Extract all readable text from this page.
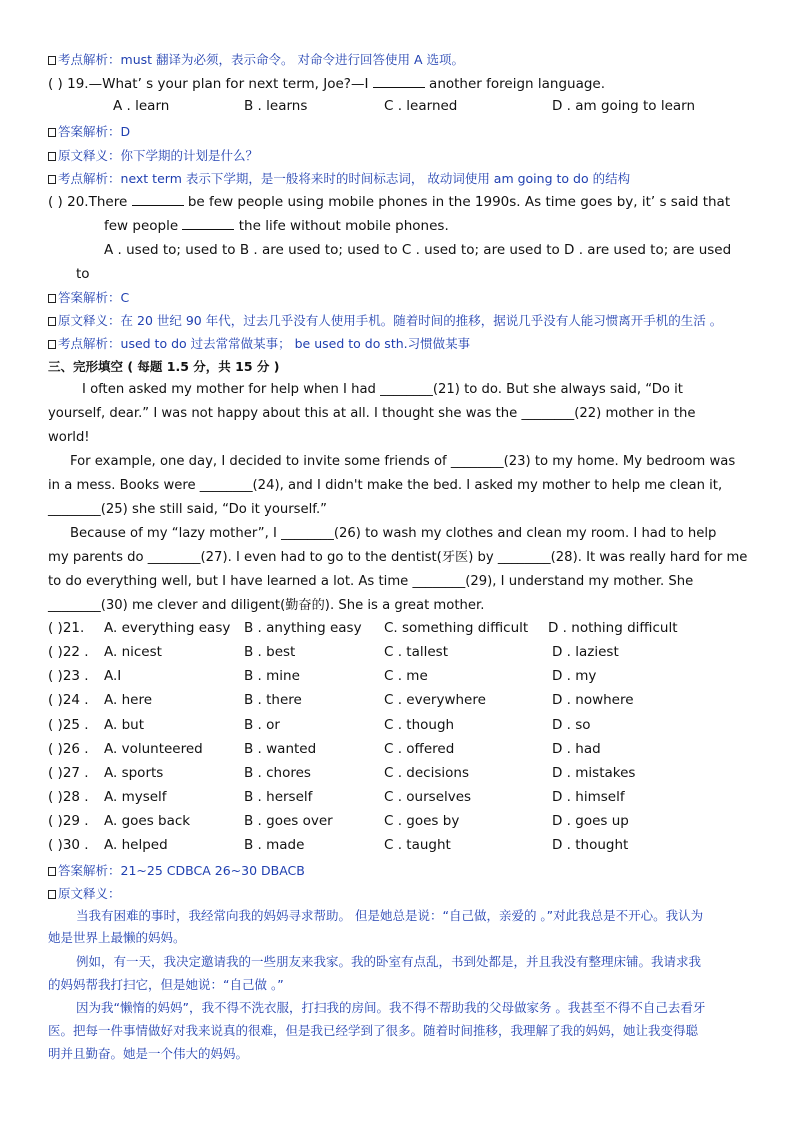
考点解析：must 翻译为必须，表示命令。 对命令进行回答使用 A 选项。
( ) 19.—What’ s your plan for next term, Joe?—I	another foreign language.
A . learn	B . learns	C . learned	D . am going to learn
答案解析：D
原文释义：你下学期的计划是什么？
考点解析：next term 表示下学期，是一般将来时的时间标志词， 故动词使用 am going to do 的结构
( ) 20.There	be few people using mobile phones in the 1990s. As time goes by, it’ s said that
few people	the life without mobile phones.
A . used to; used to B . are used to; used to C . used to; are used to D . are used to; are used
to
答案解析：C
原文释义：在 20 世纪 90 年代，过去几乎没有人使用手机。随着时间的推移，据说几乎没有人能习惯离开手机的生活 。
考点解析：used to do 过去常常做某事； be used to do sth.习惯做某事
三、完形填空 ( 每题 1.5 分，共 15 分 )
I often asked my mother for help when I had ________(21) to do. But she always said, “Do it
yourself, dear.” I was not happy about this at all. I thought she was the ________(22) mother in the
world!
For example, one day, I decided to invite some friends of ________(23) to my home. My bedroom was
in a mess. Books were ________(24), and I didn't make the bed. I asked my mother to help me clean it,
________(25) she still said, “Do it yourself.”
Because of my “lazy mother”, I ________(26) to wash my clothes and clean my room. I had to help
my parents do ________(27). I even had to go to the dentist(牙医) by ________(28). It was really hard for me
to do everything well, but I have learned a lot. As time ________(29), I understand my mother. She
________(30) me clever and diligent(勤奋的). She is a great mother.
( )21. A. everything easy B . anything easy C. something difficult D . nothing difficult
( )22 . A. nicest	B . best	C . tallest	D . laziest
( )23 . A.I	B . mine	C . me	D . my
( )24 . A. here	B . there	C . everywhere	D . nowhere
( )25 . A. but	B . or	C . though	D . so
( )26 . A. volunteered	B . wanted	C . offered	D . had
( )27 . A. sports	B . chores	C . decisions	D . mistakes
( )28 . A. myself	B . herself	C . ourselves	D . himself
( )29 . A. goes back	B . goes over	C . goes by	D . goes up
( )30 . A. helped	B . made	C . taught	D . thought
答案解析：21~25 CDBCA 26~30 DBACB
原文释义：
当我有困难的事时，我经常向我的妈妈寻求帮助。 但是她总是说：“自己做，亲爱的 。”对此我总是不开心。我认为
她是世界上最懒的妈妈。
例如，有一天，我决定邀请我的一些朋友来我家。我的卧室有点乱，书到处都是，并且我没有整理床铺。我请求我
的妈妈帮我打扫它，但是她说：“自己做 。”
因为我“懒惰的妈妈”，我不得不洗衣服，打扫我的房间。我不得不帮助我的父母做家务 。我甚至不得不自己去看牙
医。把每一件事情做好对我来说真的很难，但是我已经学到了很多。随着时间推移，我理解了我的妈妈，她让我变得聪
明并且勤奋。她是一个伟大的妈妈。
